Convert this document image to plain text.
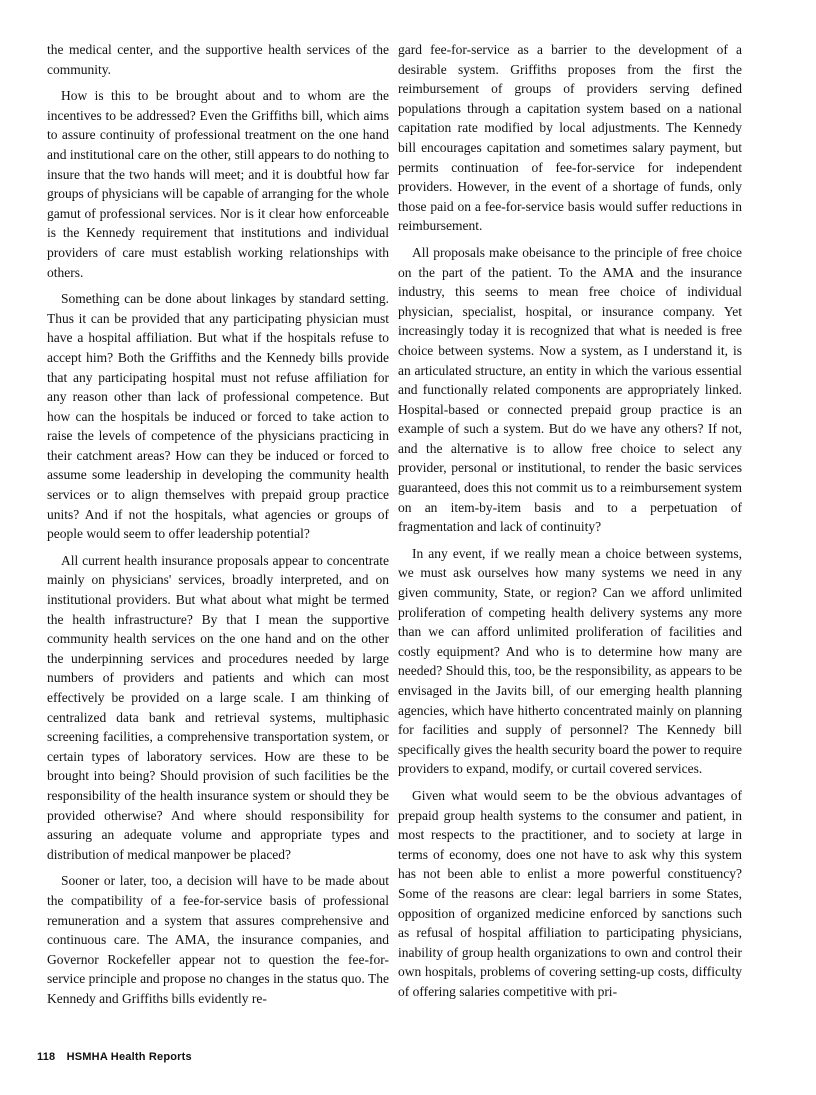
the medical center, and the supportive health services of the community.

How is this to be brought about and to whom are the incentives to be addressed? Even the Griffiths bill, which aims to assure continuity of professional treatment on the one hand and institutional care on the other, still appears to do nothing to insure that the two hands will meet; and it is doubtful how far groups of physicians will be capable of arranging for the whole gamut of professional services. Nor is it clear how enforceable is the Kennedy requirement that institutions and individual providers of care must establish working relationships with others.

Something can be done about linkages by standard setting. Thus it can be provided that any participating physician must have a hospital affiliation. But what if the hospitals refuse to accept him? Both the Griffiths and the Kennedy bills provide that any participating hospital must not refuse affiliation for any reason other than lack of professional competence. But how can the hospitals be induced or forced to take action to raise the levels of competence of the physicians practicing in their catchment areas? How can they be induced or forced to assume some leadership in developing the community health services or to align themselves with prepaid group practice units? And if not the hospitals, what agencies or groups of people would seem to offer leadership potential?

All current health insurance proposals appear to concentrate mainly on physicians' services, broadly interpreted, and on institutional providers. But what about what might be termed the health infrastructure? By that I mean the supportive community health services on the one hand and on the other the underpinning services and procedures needed by large numbers of providers and patients and which can most effectively be provided on a large scale. I am thinking of centralized data bank and retrieval systems, multiphasic screening facilities, a comprehensive transportation system, or certain types of laboratory services. How are these to be brought into being? Should provision of such facilities be the responsibility of the health insurance system or should they be provided otherwise? And where should responsibility for assuring an adequate volume and appropriate types and distribution of medical manpower be placed?

Sooner or later, too, a decision will have to be made about the compatibility of a fee-for-service basis of professional remuneration and a system that assures comprehensive and continuous care. The AMA, the insurance companies, and Governor Rockefeller appear not to question the fee-for-service principle and propose no changes in the status quo. The Kennedy and Griffiths bills evidently re-

gard fee-for-service as a barrier to the development of a desirable system. Griffiths proposes from the first the reimbursement of groups of providers serving defined populations through a capitation system based on a national capitation rate modified by local adjustments. The Kennedy bill encourages capitation and sometimes salary payment, but permits continuation of fee-for-service for independent providers. However, in the event of a shortage of funds, only those paid on a fee-for-service basis would suffer reductions in reimbursement.

All proposals make obeisance to the principle of free choice on the part of the patient. To the AMA and the insurance industry, this seems to mean free choice of individual physician, specialist, hospital, or insurance company. Yet increasingly today it is recognized that what is needed is free choice between systems. Now a system, as I understand it, is an articulated structure, an entity in which the various essential and functionally related components are appropriately linked. Hospital-based or connected prepaid group practice is an example of such a system. But do we have any others? If not, and the alternative is to allow free choice to select any provider, personal or institutional, to render the basic services guaranteed, does this not commit us to a reimbursement system on an item-by-item basis and to a perpetuation of fragmentation and lack of continuity?

In any event, if we really mean a choice between systems, we must ask ourselves how many systems we need in any given community, State, or region? Can we afford unlimited proliferation of competing health delivery systems any more than we can afford unlimited proliferation of facilities and costly equipment? And who is to determine how many are needed? Should this, too, be the responsibility, as appears to be envisaged in the Javits bill, of our emerging health planning agencies, which have hitherto concentrated mainly on planning for facilities and supply of personnel? The Kennedy bill specifically gives the health security board the power to require providers to expand, modify, or curtail covered services.

Given what would seem to be the obvious advantages of prepaid group health systems to the consumer and patient, in most respects to the practitioner, and to society at large in terms of economy, does one not have to ask why this system has not been able to enlist a more powerful constituency? Some of the reasons are clear: legal barriers in some States, opposition of organized medicine enforced by sanctions such as refusal of hospital affiliation to participating physicians, inability of group health organizations to own and control their own hospitals, problems of covering setting-up costs, difficulty of offering salaries competitive with pri-

118 HSMHA Health Reports
